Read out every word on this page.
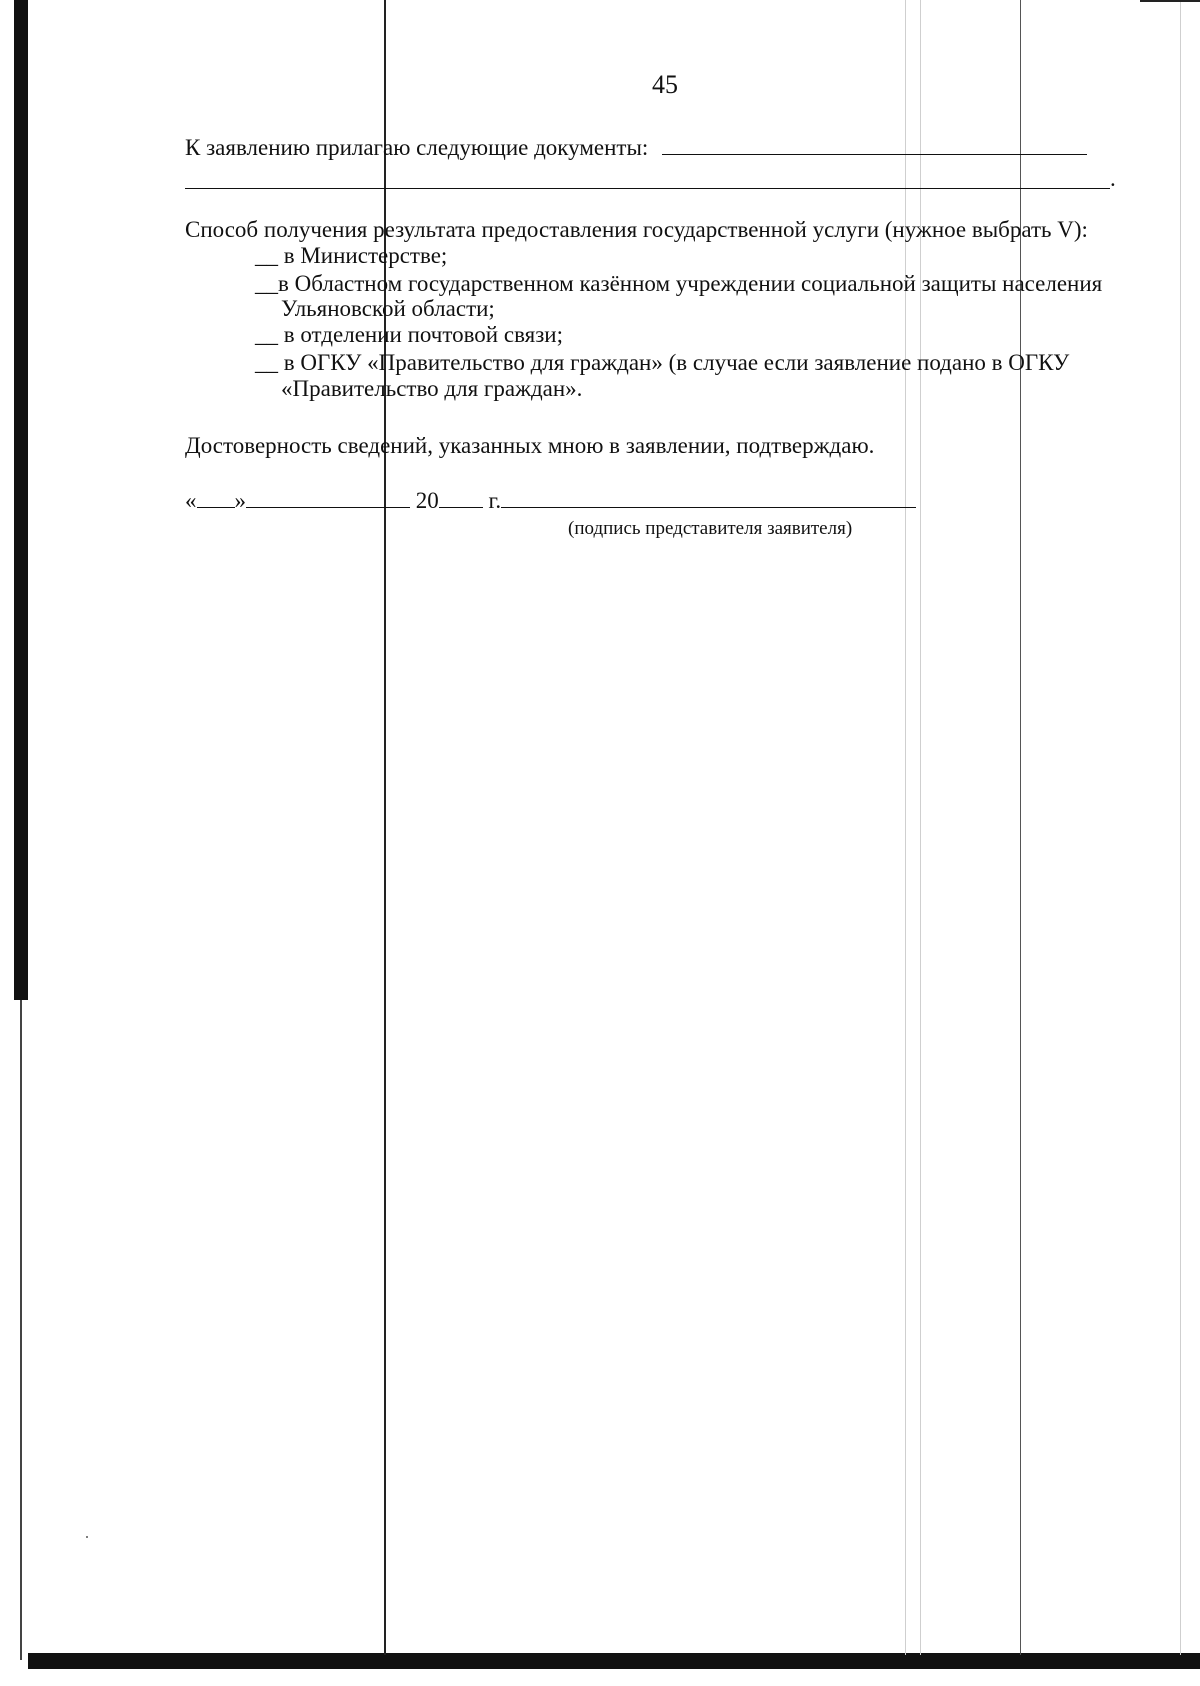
45
К заявлению прилагаю следующие документы:
.
Способ получения результата предоставления государственной услуги (нужное выбрать V):
__ в Министерстве;
__в Областном государственном казённом учреждении социальной защиты населения
Ульяновской области;
__ в отделении почтовой связи;
__ в ОГКУ «Правительство для граждан» (в случае если заявление подано в ОГКУ
«Правительство для граждан».
Достоверность сведений, указанных мною в заявлении, подтверждаю.
« »	20 г.
(подпись представителя заявителя)
